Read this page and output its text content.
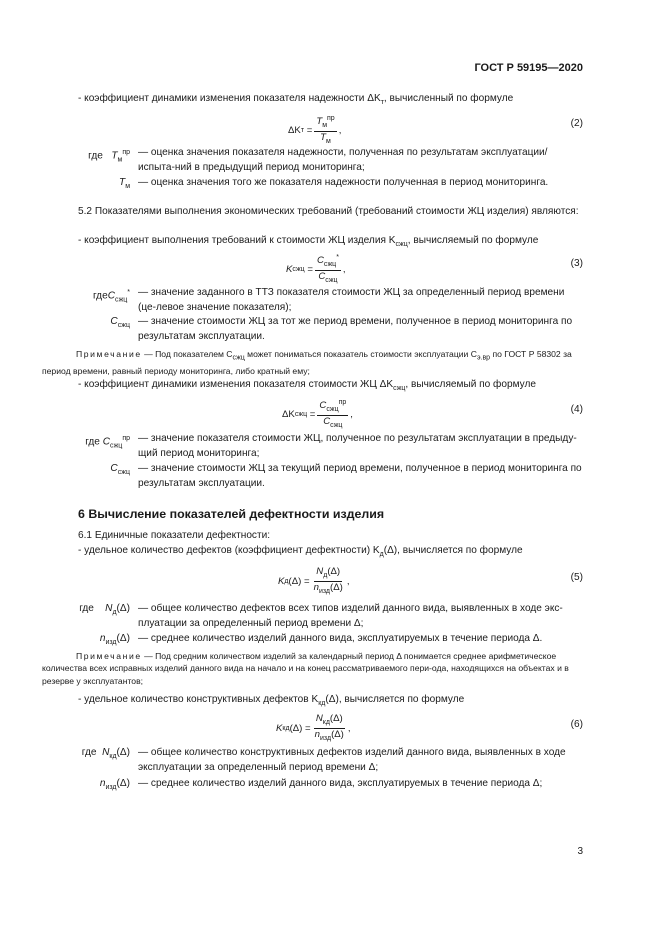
ГОСТ Р 59195—2020
- коэффициент динамики изменения показателя надежности $\Delta K_т$, вычисленный по формуле
ΔK т
= $\frac{T_м^{пр}}{T_м}$ ,
(2)
где $T_м^{пр}$ — оценка значения показателя надежности, полученная по результатам эксплуатации/испыта-ний в предыдущий период мониторинга;
$T_м$ — оценка значения того же показателя надежности полученная в период мониторинга.
5.2 Показателями выполнения экономических требований (требований стоимости ЖЦ изделия) являются:
- коэффициент выполнения требований к стоимости ЖЦ изделия $K_{сжц}$, вычисляемый по формуле
K сжц
= $\frac{C_{сжц}^*}{C_{сжц}}$ ,	(3)
гдеC$_{сжц}$* — значение заданного в ТТЗ показателя стоимости ЖЦ за определенный период времени (це-левое значение показателя);
$C_{сжц}$ — значение стоимости ЖЦ за тот же период времени, полученное в период мониторинга по результатам эксплуатации.
Примечание — Под показателем $C_{сжц}$ может пониматься показатель стоимости эксплуатации $C_{э.вр}$ по ГОСТ Р 58302 за период времени, равный периоду мониторинга, либо кратный ему;
- коэффициент динамики изменения показателя стоимости ЖЦ $\Delta K_{сжц}$, вычисляемый по формуле
ΔK сжц
= $\frac{C_{сжц}^{пр}}{C_{сжц}}$ ,	(4)
где $C_{сжц}^{пр}$ — значение показателя стоимости ЖЦ, полученное по результатам эксплуатации в предыду-щий период мониторинга;
$C_{сжц}$ — значение стоимости ЖЦ за текущий период времени, полученное в период мониторинга по результатам эксплуатации.
6 Вычисление показателей дефектности изделия
6.1 Единичные показатели дефектности:
- удельное количество дефектов (коэффициент дефектности) $K_д(\Delta)$, вычисляется по формуле
K д (Δ)
= $\frac{N_д(\Delta)}{n_{изд}(\Delta)}$ ,	(5)
где $N_д(\Delta)$ — общее количество дефектов всех типов изделий данного вида, выявленных в ходе экс-плуатации за определенный период времени Δ;
$n_{изд}(\Delta)$ — среднее количество изделий данного вида, эксплуатируемых в течение периода Δ.
Примечание — Под средним количеством изделий за календарный период Δ понимается среднее арифметическое количества всех исправных изделий данного вида на начало и на конец рассматриваемого пери-ода, находящихся на объектах и в резерве у эксплуатантов;
- удельное количество конструктивных дефектов $K_{кд}(\Delta)$, вычисляется по формуле
K кд (Δ)
= $\frac{N_{кд}(\Delta)}{n_{изд}(\Delta)}$ ,	(6)
где $N_{кд}(\Delta)$ — общее количество конструктивных дефектов изделий данного вида, выявленных в ходе эксплуатации за определенный период времени Δ;
$n_{изд}(\Delta)$ — среднее количество изделий данного вида, эксплуатируемых в течение периода Δ;
3
